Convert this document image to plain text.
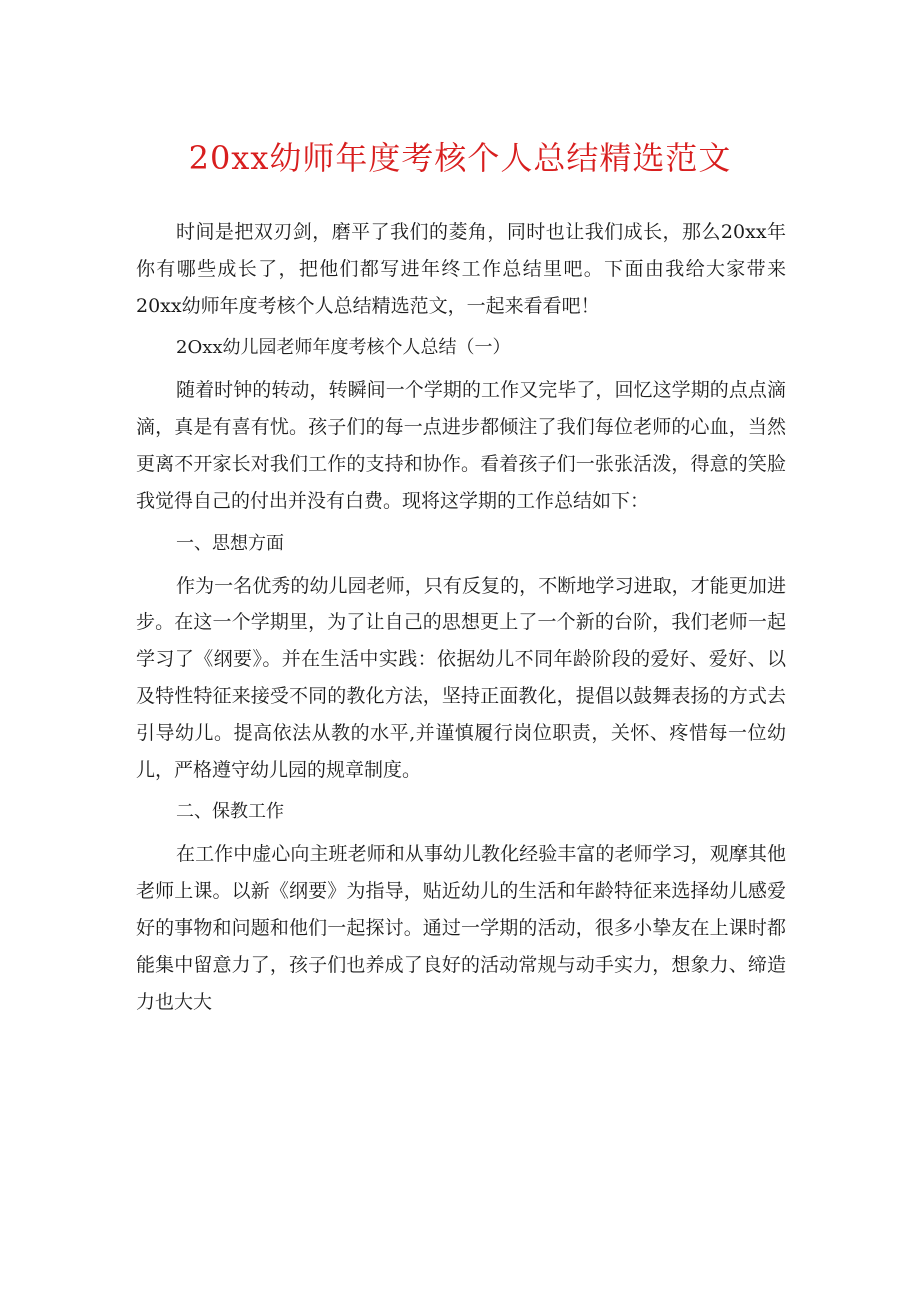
20xx幼师年度考核个人总结精选范文

时间是把双刃剑，磨平了我们的菱角，同时也让我们成长，那么20xx年你有哪些成长了，把他们都写进年终工作总结里吧。下面由我给大家带来20xx幼师年度考核个人总结精选范文，一起来看看吧！

2Oxx幼儿园老师年度考核个人总结（一）

随着时钟的转动，转瞬间一个学期的工作又完毕了，回忆这学期的点点滴滴，真是有喜有忧。孩子们的每一点进步都倾注了我们每位老师的心血，当然更离不开家长对我们工作的支持和协作。看着孩子们一张张活泼，得意的笑脸我觉得自己的付出并没有白费。现将这学期的工作总结如下：

一、思想方面

作为一名优秀的幼儿园老师，只有反复的，不断地学习进取，才能更加进步。在这一个学期里，为了让自己的思想更上了一个新的台阶，我们老师一起学习了《纲要》。并在生活中实践：依据幼儿不同年龄阶段的爱好、爱好、以及特性特征来接受不同的教化方法，坚持正面教化，提倡以鼓舞表扬的方式去引导幼儿。提高依法从教的水平,并谨慎履行岗位职责，关怀、疼惜每一位幼儿，严格遵守幼儿园的规章制度。

二、保教工作

在工作中虚心向主班老师和从事幼儿教化经验丰富的老师学习，观摩其他老师上课。以新《纲要》为指导，贴近幼儿的生活和年龄特征来选择幼儿感爱好的事物和问题和他们一起探讨。通过一学期的活动，很多小挚友在上课时都能集中留意力了，孩子们也养成了良好的活动常规与动手实力，想象力、缔造力也大大
